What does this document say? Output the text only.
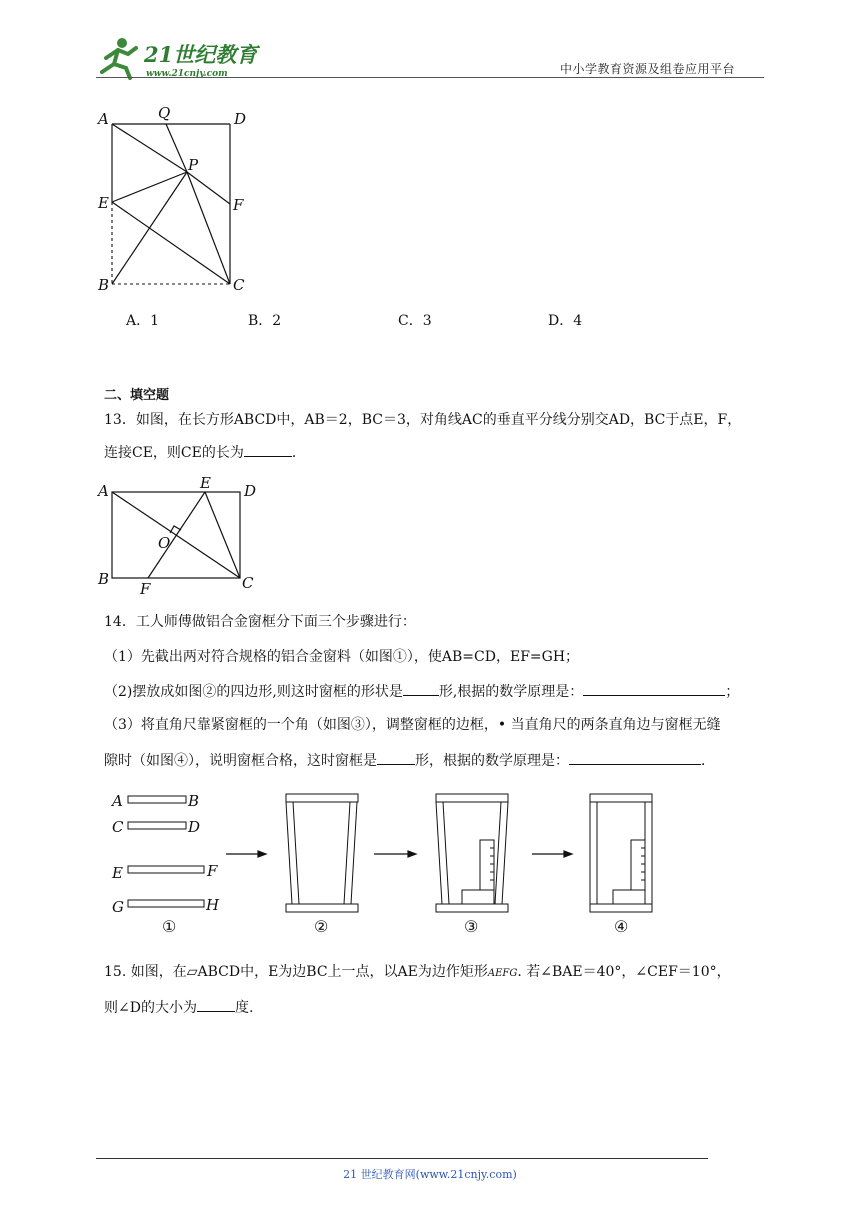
21世纪教育
www.21cnjy.com	中小学教育资源及组卷应用平台
A	Q	D
P
E	F
B	C
A．1	B．2	C．3	D．4
二、填空题
13．如图，在长方形ABCD中，AB＝2，BC＝3，对角线AC的垂直平分线分别交AD，BC于点E，F，
连接CE，则CE的长为	．
A	E D
O
B
F	C
14．工人师傅做铝合金窗框分下面三个步骤进行：
（1）先截出两对符合规格的铝合金窗料（如图①），使AB=CD，EF=GH；
（2)摆放成如图②的四边形,则这时窗框的形状是	形,根据的数学原理是：	；
（3）将直角尺靠紧窗框的一个角（如图③），调整窗框的边框，• 当直角尺的两条直角边与窗框无缝
隙时（如图④），说明窗框合格，这时窗框是	形，根据的数学原理是：	．
A	B
C	D
E	F
G	H
①	②	③	④
15. 如图，在▱ABCD中，E为边BC上一点，以AE为边作矩形AEFG. 若∠BAE＝40°，∠CEF＝10°，
则∠D的大小为	度.
21 世纪教育网(www.21cnjy.com)
